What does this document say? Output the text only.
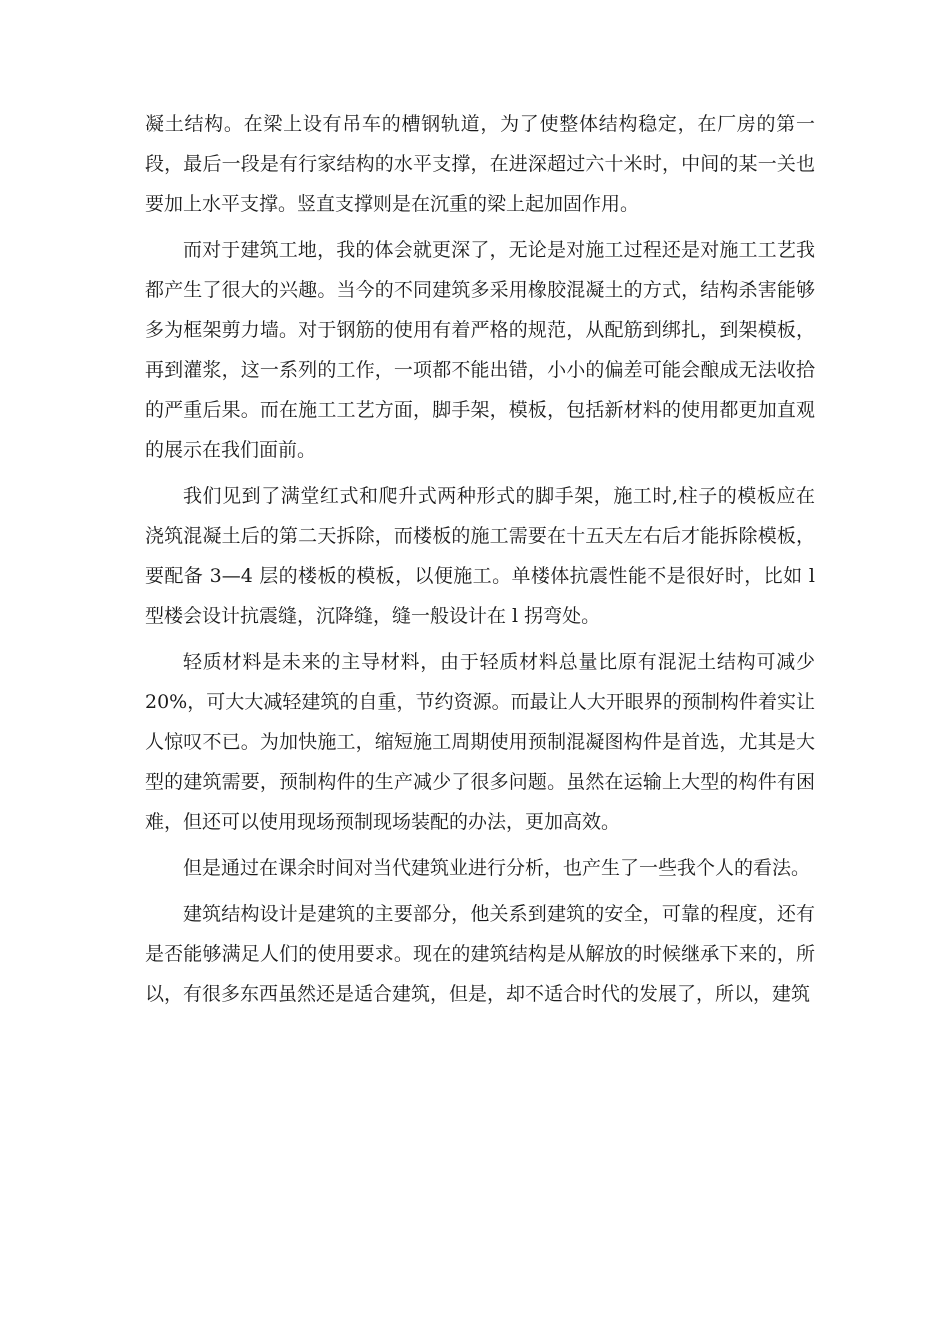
凝土结构。在梁上设有吊车的槽钢轨道，为了使整体结构稳定，在厂房的第一段，最后一段是有行家结构的水平支撑，在进深超过六十米时，中间的某一关也要加上水平支撑。竖直支撑则是在沉重的梁上起加固作用。

而对于建筑工地，我的体会就更深了，无论是对施工过程还是对施工工艺我都产生了很大的兴趣。当今的不同建筑多采用橡胶混凝土的方式，结构杀害能够多为框架剪力墙。对于钢筋的使用有着严格的规范，从配筋到绑扎，到架模板，再到灌浆，这一系列的工作，一项都不能出错，小小的偏差可能会酿成无法收拾的严重后果。而在施工工艺方面，脚手架，模板，包括新材料的使用都更加直观的展示在我们面前。

我们见到了满堂红式和爬升式两种形式的脚手架，施工时,柱子的模板应在浇筑混凝土后的第二天拆除，而楼板的施工需要在十五天左右后才能拆除模板，要配备 3—4 层的楼板的模板，以便施工。单楼体抗震性能不是很好时，比如 l 型楼会设计抗震缝，沉降缝，缝一般设计在 l 拐弯处。

轻质材料是未来的主导材料，由于轻质材料总量比原有混泥土结构可减少 20%，可大大减轻建筑的自重，节约资源。而最让人大开眼界的预制构件着实让人惊叹不已。为加快施工，缩短施工周期使用预制混凝图构件是首选，尤其是大型的建筑需要，预制构件的生产减少了很多问题。虽然在运输上大型的构件有困难，但还可以使用现场预制现场装配的办法，更加高效。

但是通过在课余时间对当代建筑业进行分析，也产生了一些我个人的看法。

建筑结构设计是建筑的主要部分，他关系到建筑的安全，可靠的程度，还有是否能够满足人们的使用要求。现在的建筑结构是从解放的时候继承下来的，所以，有很多东西虽然还是适合建筑，但是，却不适合时代的发展了，所以，建筑
